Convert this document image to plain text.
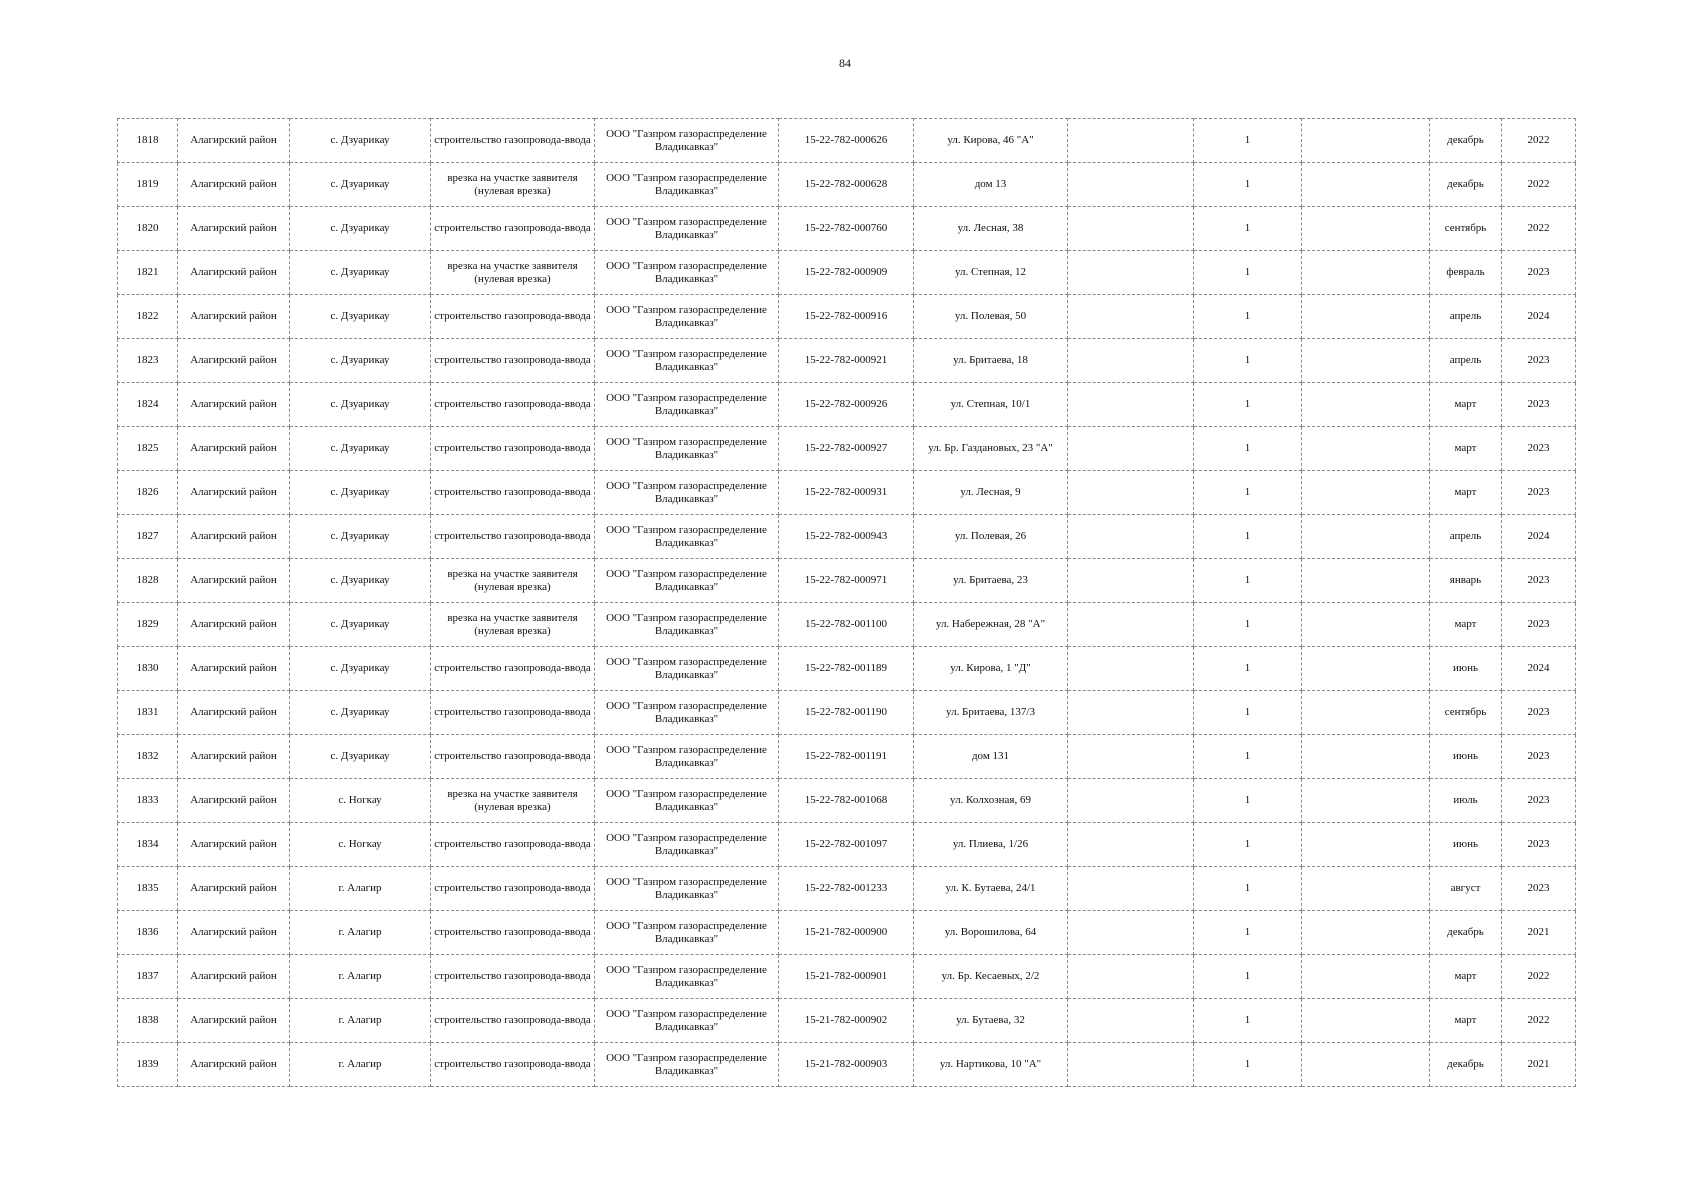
84
1818	Алагирский район	с. Дзуарикау	строительство газопровода-ввода	ООО "Газпром газораспределение Владикавказ"	15-22-782-000626	ул. Кирова, 46 "А"		1		декабрь	2022
1819	Алагирский район	с. Дзуарикау	врезка на участке заявителя (нулевая врезка)	ООО "Газпром газораспределение Владикавказ"	15-22-782-000628	дом 13		1		декабрь	2022
1820	Алагирский район	с. Дзуарикау	строительство газопровода-ввода	ООО "Газпром газораспределение Владикавказ"	15-22-782-000760	ул. Лесная, 38		1		сентябрь	2022
1821	Алагирский район	с. Дзуарикау	врезка на участке заявителя (нулевая врезка)	ООО "Газпром газораспределение Владикавказ"	15-22-782-000909	ул. Степная, 12		1		февраль	2023
1822	Алагирский район	с. Дзуарикау	строительство газопровода-ввода	ООО "Газпром газораспределение Владикавказ"	15-22-782-000916	ул. Полевая, 50		1		апрель	2024
1823	Алагирский район	с. Дзуарикау	строительство газопровода-ввода	ООО "Газпром газораспределение Владикавказ"	15-22-782-000921	ул. Бритаева, 18		1		апрель	2023
1824	Алагирский район	с. Дзуарикау	строительство газопровода-ввода	ООО "Газпром газораспределение Владикавказ"	15-22-782-000926	ул. Степная, 10/1		1		март	2023
1825	Алагирский район	с. Дзуарикау	строительство газопровода-ввода	ООО "Газпром газораспределение Владикавказ"	15-22-782-000927	ул. Бр. Газдановых, 23 "А"		1		март	2023
1826	Алагирский район	с. Дзуарикау	строительство газопровода-ввода	ООО "Газпром газораспределение Владикавказ"	15-22-782-000931	ул. Лесная, 9		1		март	2023
1827	Алагирский район	с. Дзуарикау	строительство газопровода-ввода	ООО "Газпром газораспределение Владикавказ"	15-22-782-000943	ул. Полевая, 26		1		апрель	2024
1828	Алагирский район	с. Дзуарикау	врезка на участке заявителя (нулевая врезка)	ООО "Газпром газораспределение Владикавказ"	15-22-782-000971	ул. Бритаева, 23		1		январь	2023
1829	Алагирский район	с. Дзуарикау	врезка на участке заявителя (нулевая врезка)	ООО "Газпром газораспределение Владикавказ"	15-22-782-001100	ул. Набережная, 28 "А"		1		март	2023
1830	Алагирский район	с. Дзуарикау	строительство газопровода-ввода	ООО "Газпром газораспределение Владикавказ"	15-22-782-001189	ул. Кирова, 1 "Д"		1		июнь	2024
1831	Алагирский район	с. Дзуарикау	строительство газопровода-ввода	ООО "Газпром газораспределение Владикавказ"	15-22-782-001190	ул. Бритаева, 137/3		1		сентябрь	2023
1832	Алагирский район	с. Дзуарикау	строительство газопровода-ввода	ООО "Газпром газораспределение Владикавказ"	15-22-782-001191	дом 131		1		июнь	2023
1833	Алагирский район	с. Ногкау	врезка на участке заявителя (нулевая врезка)	ООО "Газпром газораспределение Владикавказ"	15-22-782-001068	ул. Колхозная, 69		1		июль	2023
1834	Алагирский район	с. Ногкау	строительство газопровода-ввода	ООО "Газпром газораспределение Владикавказ"	15-22-782-001097	ул. Плиева, 1/26		1		июнь	2023
1835	Алагирский район	г. Алагир	строительство газопровода-ввода	ООО "Газпром газораспределение Владикавказ"	15-22-782-001233	ул. К. Бутаева, 24/1		1		август	2023
1836	Алагирский район	г. Алагир	строительство газопровода-ввода	ООО "Газпром газораспределение Владикавказ"	15-21-782-000900	ул. Ворошилова, 64		1		декабрь	2021
1837	Алагирский район	г. Алагир	строительство газопровода-ввода	ООО "Газпром газораспределение Владикавказ"	15-21-782-000901	ул. Бр. Кесаевых, 2/2		1		март	2022
1838	Алагирский район	г. Алагир	строительство газопровода-ввода	ООО "Газпром газораспределение Владикавказ"	15-21-782-000902	ул. Бутаева, 32		1		март	2022
1839	Алагирский район	г. Алагир	строительство газопровода-ввода	ООО "Газпром газораспределение Владикавказ"	15-21-782-000903	ул. Нартикова, 10 "А"		1		декабрь	2021
